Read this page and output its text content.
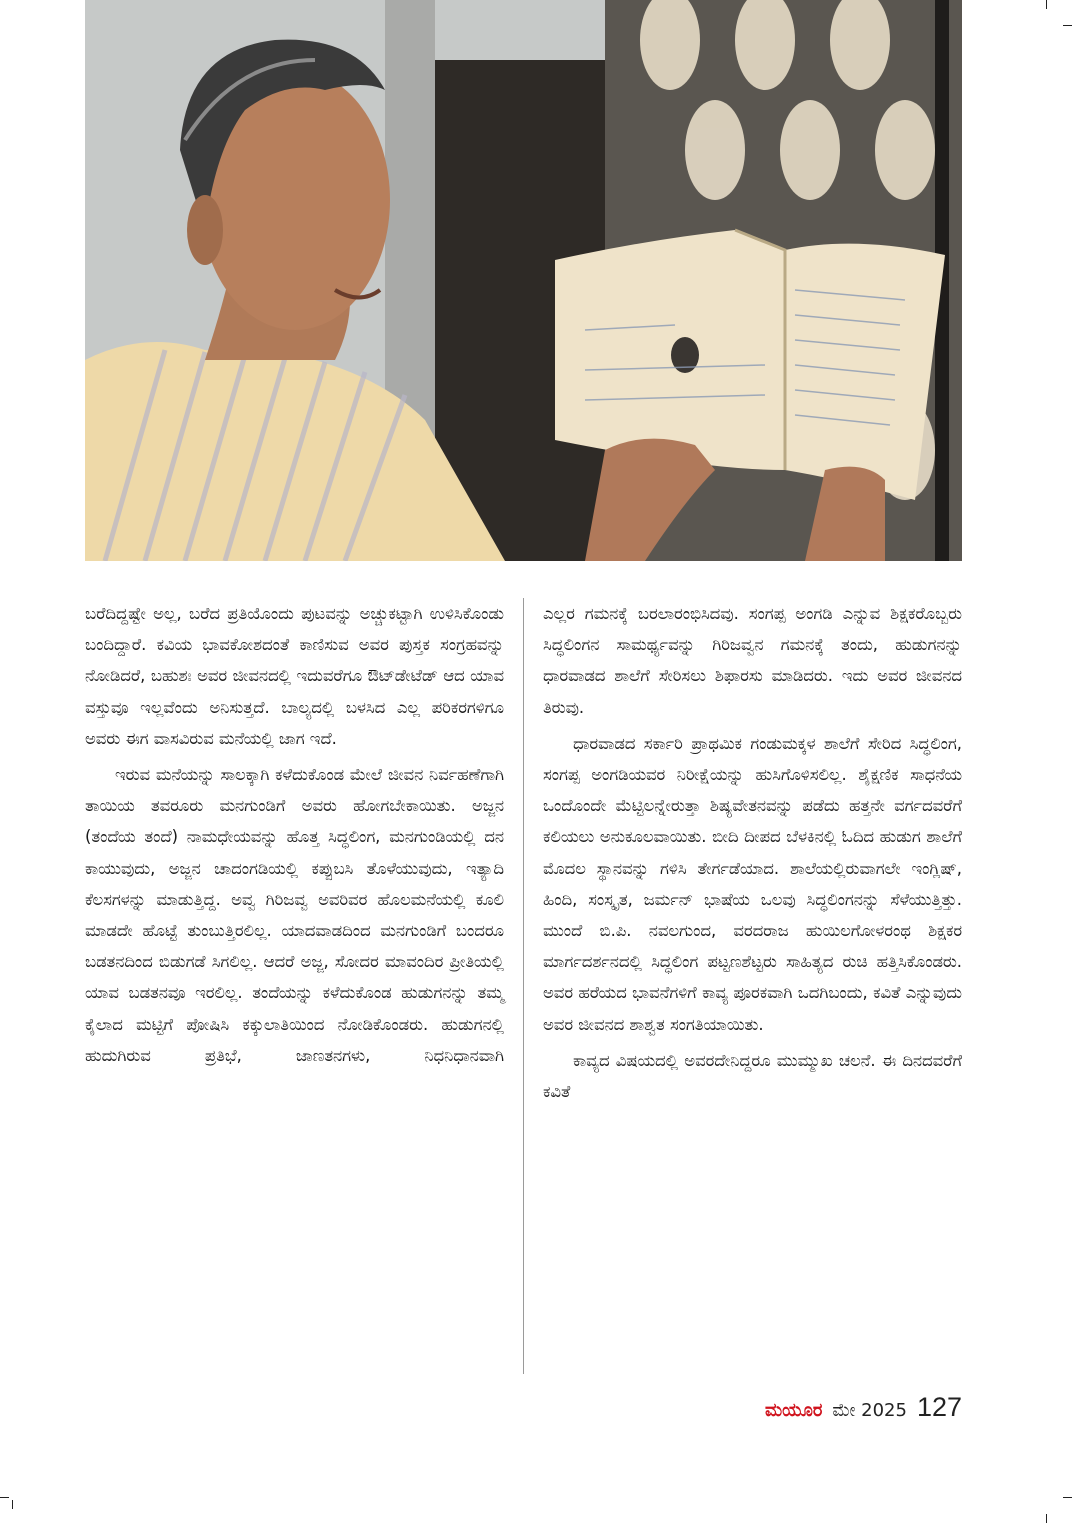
ಬರೆದಿದ್ದಷ್ಟೇ ಅಲ್ಲ, ಬರೆದ ಪ್ರತಿಯೊಂದು ಪುಟವನ್ನು ಅಚ್ಚುಕಟ್ಟಾಗಿ ಉಳಿಸಿಕೊಂಡು ಬಂದಿದ್ದಾರೆ. ಕವಿಯ ಭಾವಕೋಶದಂತೆ ಕಾಣಿಸುವ ಅವರ ಪುಸ್ತಕ ಸಂಗ್ರಹವನ್ನು ನೋಡಿದರೆ, ಬಹುಶಃ ಅವರ ಜೀವನದಲ್ಲಿ ಇದುವರೆಗೂ ಔಟ್‌ಡೇಟೆಡ್ ಆದ ಯಾವ ವಸ್ತುವೂ ಇಲ್ಲವೆಂದು ಅನಿಸುತ್ತದೆ. ಬಾಲ್ಯದಲ್ಲಿ ಬಳಸಿದ ಎಲ್ಲ ಪರಿಕರಗಳಿಗೂ ಅವರು ಈಗ ವಾಸವಿರುವ ಮನೆಯಲ್ಲಿ ಜಾಗ ಇದೆ.

ಇರುವ ಮನೆಯನ್ನು ಸಾಲಕ್ಕಾಗಿ ಕಳೆದುಕೊಂಡ ಮೇಲೆ ಜೀವನ ನಿರ್ವಹಣೆಗಾಗಿ ತಾಯಿಯ ತವರೂರು ಮನಗುಂಡಿಗೆ ಅವರು ಹೋಗಬೇಕಾಯಿತು. ಅಜ್ಜನ (ತಂದೆಯ ತಂದೆ) ನಾಮಧೇಯವನ್ನು ಹೊತ್ತ ಸಿದ್ಧಲಿಂಗ, ಮನಗುಂಡಿಯಲ್ಲಿ ದನ ಕಾಯುವುದು, ಅಜ್ಜನ ಚಾದಂಗಡಿಯಲ್ಲಿ ಕಪ್ಪುಬಸಿ ತೊಳೆಯುವುದು, ಇತ್ಯಾದಿ ಕೆಲಸಗಳನ್ನು ಮಾಡುತ್ತಿದ್ದ. ಅವ್ವ ಗಿರಿಜವ್ವ ಅವರಿವರ ಹೊಲಮನೆಯಲ್ಲಿ ಕೂಲಿ ಮಾಡದೇ ಹೊಟ್ಟೆ ತುಂಬುತ್ತಿರಲಿಲ್ಲ. ಯಾದವಾಡದಿಂದ ಮನಗುಂಡಿಗೆ ಬಂದರೂ ಬಡತನದಿಂದ ಬಿಡುಗಡೆ ಸಿಗಲಿಲ್ಲ. ಆದರೆ ಅಜ್ಜ, ಸೋದರ ಮಾವಂದಿರ ಪ್ರೀತಿಯಲ್ಲಿ ಯಾವ ಬಡತನವೂ ಇರಲಿಲ್ಲ. ತಂದೆಯನ್ನು ಕಳೆದುಕೊಂಡ ಹುಡುಗನನ್ನು ತಮ್ಮ ಕೈಲಾದ ಮಟ್ಟಿಗೆ ಪೋಷಿಸಿ ಕಕ್ಕುಲಾತಿಯಿಂದ ನೋಡಿಕೊಂಡರು. ಹುಡುಗನಲ್ಲಿ ಹುದುಗಿರುವ ಪ್ರತಿಭೆ, ಜಾಣತನಗಳು, ನಿಧನಿಧಾನವಾಗಿ

ಎಲ್ಲರ ಗಮನಕ್ಕೆ ಬರಲಾರಂಭಿಸಿದವು. ಸಂಗಪ್ಪ ಅಂಗಡಿ ಎನ್ನುವ ಶಿಕ್ಷಕರೊಬ್ಬರು ಸಿದ್ಧಲಿಂಗನ ಸಾಮರ್ಥ್ಯವನ್ನು ಗಿರಿಜವ್ವನ ಗಮನಕ್ಕೆ ತಂದು, ಹುಡುಗನನ್ನು ಧಾರವಾಡದ ಶಾಲೆಗೆ ಸೇರಿಸಲು ಶಿಫಾರಸು ಮಾಡಿದರು. ಇದು ಅವರ ಜೀವನದ ತಿರುವು.

ಧಾರವಾಡದ ಸರ್ಕಾರಿ ಪ್ರಾಥಮಿಕ ಗಂಡುಮಕ್ಕಳ ಶಾಲೆಗೆ ಸೇರಿದ ಸಿದ್ಧಲಿಂಗ, ಸಂಗಪ್ಪ ಅಂಗಡಿಯವರ ನಿರೀಕ್ಷೆಯನ್ನು ಹುಸಿಗೊಳಿಸಲಿಲ್ಲ. ಶೈಕ್ಷಣಿಕ ಸಾಧನೆಯ ಒಂದೊಂದೇ ಮೆಟ್ಟಿಲನ್ನೇರುತ್ತಾ ಶಿಷ್ಯವೇತನವನ್ನು ಪಡೆದು ಹತ್ತನೇ ವರ್ಗದವರೆಗೆ ಕಲಿಯಲು ಅನುಕೂಲವಾಯಿತು. ಬೀದಿ ದೀಪದ ಬೆಳಕಿನಲ್ಲಿ ಓದಿದ ಹುಡುಗ ಶಾಲೆಗೆ ಮೊದಲ ಸ್ಥಾನವನ್ನು ಗಳಿಸಿ ತೇರ್ಗಡೆಯಾದ. ಶಾಲೆಯಲ್ಲಿರುವಾಗಲೇ ಇಂಗ್ಲಿಷ್, ಹಿಂದಿ, ಸಂಸ್ಕೃತ, ಜರ್ಮನ್ ಭಾಷೆಯ ಒಲವು ಸಿದ್ಧಲಿಂಗನನ್ನು ಸೆಳೆಯುತ್ತಿತ್ತು. ಮುಂದೆ ಬಿ.ಪಿ. ನವಲಗುಂದ, ವರದರಾಜ ಹುಯಿಲಗೋಳರಂಥ ಶಿಕ್ಷಕರ ಮಾರ್ಗದರ್ಶನದಲ್ಲಿ ಸಿದ್ಧಲಿಂಗ ಪಟ್ಟಣಶೆಟ್ಟರು ಸಾಹಿತ್ಯದ ರುಚಿ ಹತ್ತಿಸಿಕೊಂಡರು. ಅವರ ಹರೆಯದ ಭಾವನೆಗಳಿಗೆ ಕಾವ್ಯ ಪೂರಕವಾಗಿ ಒದಗಿಬಂದು, ಕವಿತೆ ಎನ್ನುವುದು ಅವರ ಜೀವನದ ಶಾಶ್ವತ ಸಂಗತಿಯಾಯಿತು.

ಕಾವ್ಯದ ವಿಷಯದಲ್ಲಿ ಅವರದೇನಿದ್ದರೂ ಮುಮ್ಮುಖ ಚಲನೆ. ಈ ದಿನದವರೆಗೆ ಕವಿತೆ

ಮಯೂರ ಮೇ 2025 127
